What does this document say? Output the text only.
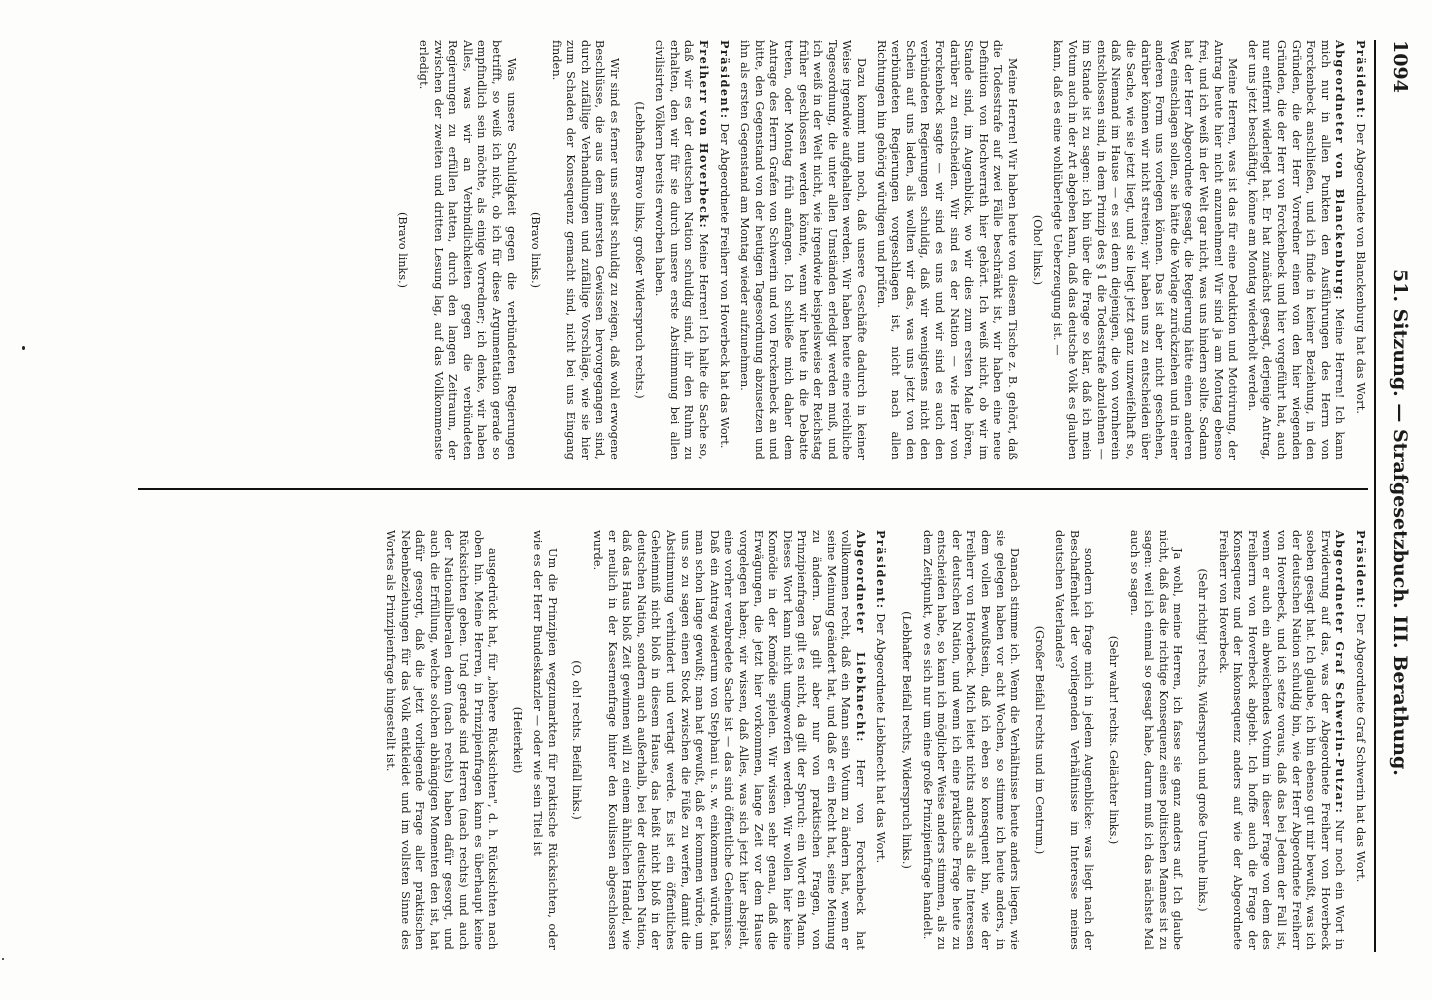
1094
51. Sitzung. — Strafgesetzbuch. III. Berathung.

Präsident: Der Abgeordnete von Blanckenburg hat das Wort.

Abgeordneter von Blanckenburg: Meine Herren! Ich kann mich nur in allen Punkten den Ausführungen des Herrn von Forckenbeck anschließen, und ich finde in keiner Beziehung, in den Gründen, die der Herr Vorredner einen von den hier wiegenden Gründen, die der Herr von Forckenbeck und hier vorgeführt hat, auch nur entfernt widerlegt hat. Er hat zunächst gesagt, derjenige Antrag, der uns jetzt beschäftigt, könne am Montag wiederholt werden.

Meine Herren, was ist das für eine Deduktion und Motivirung, der Antrag heute hier nicht anzunehmen! Wir sind ja am Montag ebenso frei, und ich weiß in der Welt gar nicht, was uns hindern sollte. Sodann hat der Herr Abgeordnete gesagt, die Regierung hätte einen anderen Weg einschlagen sollen, sie hätte die Vorlage zurückziehen und in einer anderen Form uns vorlegen können. Das ist aber nicht geschehen, darüber können wir nicht streiten; wir haben uns zu entscheiden über die Sache, wie sie jetzt liegt, und sie liegt jetzt ganz unzweifelhaft so, daß Niemand im Hause — es sei denn diejenigen, die von vornherein entschlossen sind, in dem Prinzip des § 1 die Todesstrafe abzulehnen — im Stande ist zu sagen: ich bin über die Frage so klar, daß ich mein Votum auch in der Art abgeben kann, daß das deutsche Volk es glauben kann, daß es eine wohlüberlegte Ueberzeugung ist. —

(Oho! links.)

Meine Herren! Wir haben heute von diesem Tische z. B. gehört, daß die Todesstrafe auf zwei Fälle beschränkt ist, wir haben eine neue Definition von Hochverrath hier gehört. Ich weiß nicht, ob wir im Stande sind, im Augenblick, wo wir dies zum ersten Male hören, darüber zu entscheiden. Wir sind es der Nation — wie Herr von Forckenbeck sagte — wir sind es uns und wir sind es auch den verbündeten Regierungen schuldig, daß wir wenigstens nicht den Schein auf uns laden, als wollten wir das, was uns jetzt von den verbündeten Regierungen vorgeschlagen ist, nicht nach allen Richtungen hin gehörig würdigen und prüfen.

Dazu kommt nun noch, daß unsere Geschäfte dadurch in keiner Weise irgendwie aufgehalten werden. Wir haben heute eine reichliche Tagesordnung, die unter allen Umständen erledigt werden muß, und ich weiß in der Welt nicht, wie irgendwie beispielsweise der Reichstag früher geschlossen werden könnte, wenn wir heute in die Debatte treten, oder Montag früh anfangen. Ich schließe mich daher dem Antrage des Herrn Grafen von Schwerin und von Forckenbeck an und bitte, den Gegenstand von der heutigen Tagesordnung abzusetzen und ihn als ersten Gegenstand am Montag wieder aufzunehmen.

Präsident: Der Abgeordnete Freiherr von Hoverbeck hat das Wort.

Freiherr von Hoverbeck: Meine Herren! Ich halte die Sache so, daß wir es der deutschen Nation schuldig sind, ihr den Ruhm zu erhalten, den wir für sie durch unsere erste Abstimmung bei allen civilisirten Völkern bereits erworben haben.

(Lebhaftes Bravo links, großer Widerspruch rechts.)

Wir sind es ferner uns selbst schuldig zu zeigen, daß wohl erwogene Beschlüsse, die aus dem innersten Gewissen hervorgegangen sind, durch zufällige Verhandlungen und zufällige Vorschläge, wie sie hier zum Schaden der Konsequenz gemacht sind, nicht bei uns Eingang finden.

(Bravo links.)

Was unsere Schuldigkeit gegen die verbündeten Regierungen betrifft, so weiß ich nicht, ob ich für diese Argumentation gerade so empfindlich sein möchte, als einige Vorredner; ich denke, wir haben Alles, was wir an Verbindlichkeiten gegen die verbündeten Regierungen zu erfüllen hatten, durch den langen Zeitraum, der zwischen der zweiten und dritten Lesung lag, auf das Vollkommenste erledigt.

(Bravo links.)

Präsident: Der Abgeordnete Graf Schwerin hat das Wort.

Abgeordneter Graf Schwerin-Putzar: Nur noch ein Wort in Erwiderung auf das, was der Abgeordnete Freiherr von Hoverbeck soeben gesagt hat. Ich glaube, ich bin ebenso gut mir bewußt, was ich der deutschen Nation schuldig bin, wie der Herr Abgeordnete Freiherr von Hoverbeck, und ich setze voraus, daß das bei Jedem der Fall ist, wenn er auch ein abweichendes Votum in dieser Frage von dem des Freiherrn von Hoverbeck abgiebt. Ich hoffe auch die Frage der Konsequenz und der Inkonsequenz anders auf wie der Abgeordnete Freiherr von Hoverbeck.

(Sehr richtig! rechts, Widerspruch und große Unruhe links.)

Ja wohl, meine Herren, ich fasse sie ganz anders auf. Ich glaube nicht, daß das die richtige Konsequenz eines politischen Mannes ist zu sagen: weil ich einmal so gesagt habe, darum muß ich das nächste Mal auch so sagen.

(Sehr wahr! rechts. Gelächter links.)

sondern ich frage mich in jedem Augenblicke: was liegt nach der Beschaffenheit der vorliegenden Verhältnisse im Interesse meines deutschen Vaterlandes?

(Großer Beifall rechts und im Centrum.)

Danach stimme ich. Wenn die Verhältnisse heute anders liegen, wie sie gelegen haben vor acht Wochen, so stimme ich heute anders, in dem vollen Bewußtsein, daß ich eben so konsequent bin, wie der Freiherr von Hoverbeck. Mich leitet nichts anders als die Interessen der deutschen Nation, und wenn ich eine praktische Frage heute zu entscheiden habe, so kann ich möglicher Weise anders stimmen, als zu dem Zeitpunkt, wo es sich nur um eine große Prinzipienfrage handelt.

(Lebhafter Beifall rechts, Widerspruch links.)

Präsident: Der Abgeordnete Liebknecht hat das Wort.

Abgeordneter Liebknecht: Herr von Forckenbeck hat vollkommen recht, daß ein Mann sein Votum zu ändern hat, wenn er seine Meinung geändert hat, und daß er ein Recht hat, seine Meinung zu ändern. Das gilt aber nur von praktischen Fragen, von Prinzipienfragen gilt es nicht, da gilt der Spruch: ein Wort ein Mann. Dieses Wort kann nicht umgeworfen werden. Wir wollen hier keine Komödie in der Komödie spielen. Wir wissen sehr genau, daß die Erwägungen, die jetzt hier vorkommen, lange Zeit vor dem Hause vorgelegen haben; wir wissen, daß Alles, was sich jetzt hier abspielt, eine vorher verabredete Sache ist — das sind öffentliche Geheimnisse. Daß ein Antrag wiederum von Stephani u. s. w. einkommen würde, hat man schon lange gewußt; man hat gewußt, daß er kommen würde, um uns so zu sagen einen Stock zwischen die Füße zu werfen, damit die Abstimmung verhindert und vertagt werde. Es ist ein öffentliches Geheimniß nicht bloß in diesem Hause, das heißt nicht bloß in der deutschen Nation, sondern auch außerhalb, bei der deutschen Nation, daß das Haus bloß Zeit gewinnen will zu einem ähnlichen Handel, wie er neulich in der Kasernenfrage hinter den Koulissen abgeschlossen wurde.

(O, oh! rechts. Beifall links.)

Um die Prinzipien wegzumarkten für praktische Rücksichten, oder wie es der Herr Bundeskanzler — oder wie sein Titel ist

(Heiterkeit)

ausgedrückt hat, für „höhere Rücksichten", d. h. Rücksichten nach oben hin. Meine Herren, in Prinzipienfragen kann es überhaupt keine Rücksichten geben. Und gerade sind Herren (nach rechts) und auch der Nationalliberalen denn (nach rechts) haben dafür gesorgt, und auch die Erfüllung, welche solchen abhängigen Momenten den ist, hat dafür gesorgt, daß die jetzt vorliegende Frage aller praktischen Nebenbeziehungen für das Volk entkleidet und im vollsten Sinne des Wortes als Prinzipienfrage hingestellt ist.
